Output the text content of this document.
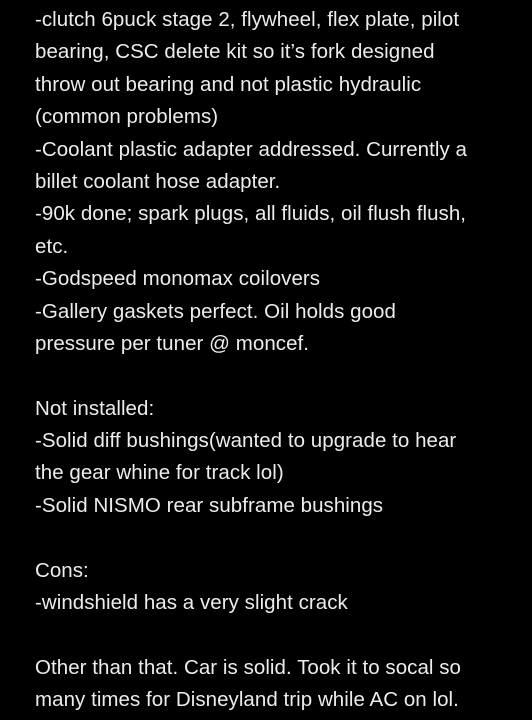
-clutch 6puck stage 2, flywheel, flex plate, pilot
bearing, CSC delete kit so it’s fork designed
throw out bearing and not plastic hydraulic
(common problems)
-Coolant plastic adapter addressed. Currently a
billet coolant hose adapter.
-90k done; spark plugs, all fluids, oil flush flush,
etc.
-Godspeed monomax coilovers
-Gallery gaskets perfect. Oil holds good
pressure per tuner @ moncef.
Not installed:
-Solid diff bushings(wanted to upgrade to hear
the gear whine for track lol)
-Solid NISMO rear subframe bushings
Cons:
-windshield has a very slight crack
Other than that. Car is solid. Took it to socal so
many times for Disneyland trip while AC on lol.
